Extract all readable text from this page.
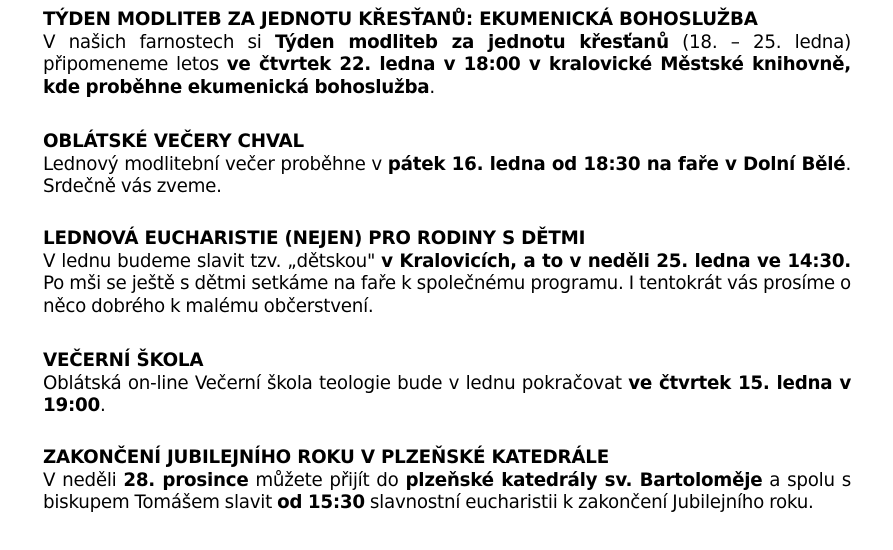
TÝDEN MODLITEB ZA JEDNOTU KŘESŤANŮ: EKUMENICKÁ BOHOSLUŽBA

V našich farnostech si Týden modliteb za jednotu křesťanů (18. – 25. ledna) připomeneme letos ve čtvrtek 22. ledna v 18:00 v kralovické Městské knihovně, kde proběhne ekumenická bohoslužba.

OBLÁTSKÉ VEČERY CHVAL

Lednový modlitební večer proběhne v pátek 16. ledna od 18:30 na faře v Dolní Bělé. Srdečně vás zveme.

LEDNOVÁ EUCHARISTIE (NEJEN) PRO RODINY S DĚTMI

V lednu budeme slavit tzv. „dětskou" v Kralovicích, a to v neděli 25. ledna ve 14:30. Po mši se ještě s dětmi setkáme na faře k společnému programu. I tentokrát vás prosíme o něco dobrého k malému občerstvení.

VEČERNÍ ŠKOLA

Oblátská on-line Večerní škola teologie bude v lednu pokračovat ve čtvrtek 15. ledna v 19:00.

ZAKONČENÍ JUBILEJNÍHO ROKU V PLZEŇSKÉ KATEDRÁLE

V neděli 28. prosince můžete přijít do plzeňské katedrály sv. Bartoloměje a spolu s biskupem Tomášem slavit od 15:30 slavnostní eucharistii k zakončení Jubilejního roku.
